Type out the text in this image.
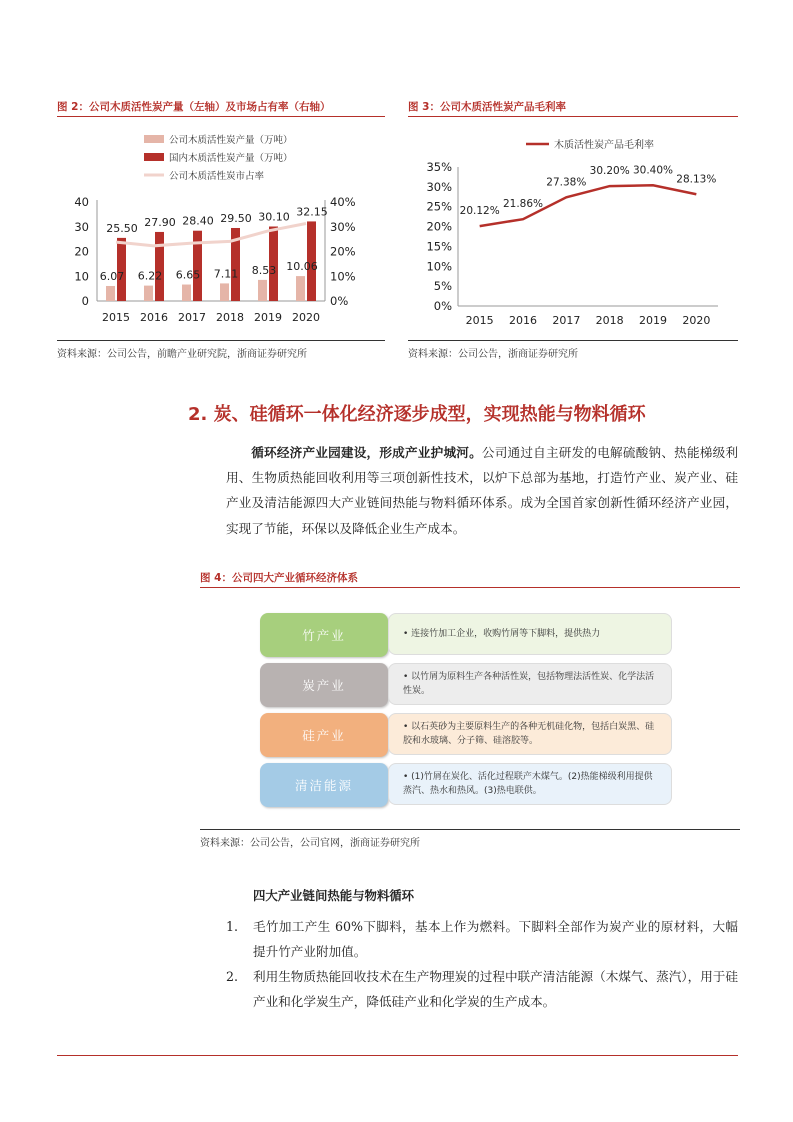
图 2：公司木质活性炭产量（左轴）及市场占有率（右轴）
公司木质活性炭产量（万吨）
国内木质活性炭产量（万吨）
公司木质活性炭市占率
0
10
20
30
40
0%
10%
20%
30%
40%
6.07
25.50
2015
6.22
27.90
2016
6.65
28.40
2017
7.11
29.50
2018
8.53
30.10
2019
10.06
32.15
2020
资料来源：公司公告，前瞻产业研究院，浙商证券研究所
图 3：公司木质活性炭产品毛利率
木质活性炭产品毛利率
0%
5%
10%
15%
20%
25%
30%
35%
2015 2016 2017 2018 2019 2020
20.12%
21.86%
27.38%
30.20% 30.40%
28.13%
资料来源：公司公告，浙商证券研究所
2. 炭、硅循环一体化经济逐步成型，实现热能与物料循环
循环经济产业园建设，形成产业护城河。公司通过自主研发的电解硫酸钠、热能梯级利用、生物质热能回收利用等三项创新性技术，以炉下总部为基地，打造竹产业、炭产业、硅产业及清洁能源四大产业链间热能与物料循环体系。成为全国首家创新性循环经济产业园，实现了节能，环保以及降低企业生产成本。
图 4：公司四大产业循环经济体系
竹产业	• 连接竹加工企业，收购竹屑等下脚料，提供热力
炭产业
• 以竹屑为原料生产各种活性炭，包括物理法活性炭、化学法活性炭。
硅产业
• 以石英砂为主要原料生产的各种无机硅化物，包括白炭黑、硅胶和水玻璃、分子筛、硅溶胶等。
清洁能源
• (1)竹屑在炭化、活化过程联产木煤气。(2)热能梯级利用提供蒸汽、热水和热风。(3)热电联供。
资料来源：公司公告，公司官网，浙商证券研究所
四大产业链间热能与物料循环
1. 毛竹加工产生 60%下脚料，基本上作为燃料。下脚料全部作为炭产业的原材料，大幅提升竹产业附加值。
2. 利用生物质热能回收技术在生产物理炭的过程中联产清洁能源（木煤气、蒸汽），用于硅产业和化学炭生产，降低硅产业和化学炭的生产成本。
